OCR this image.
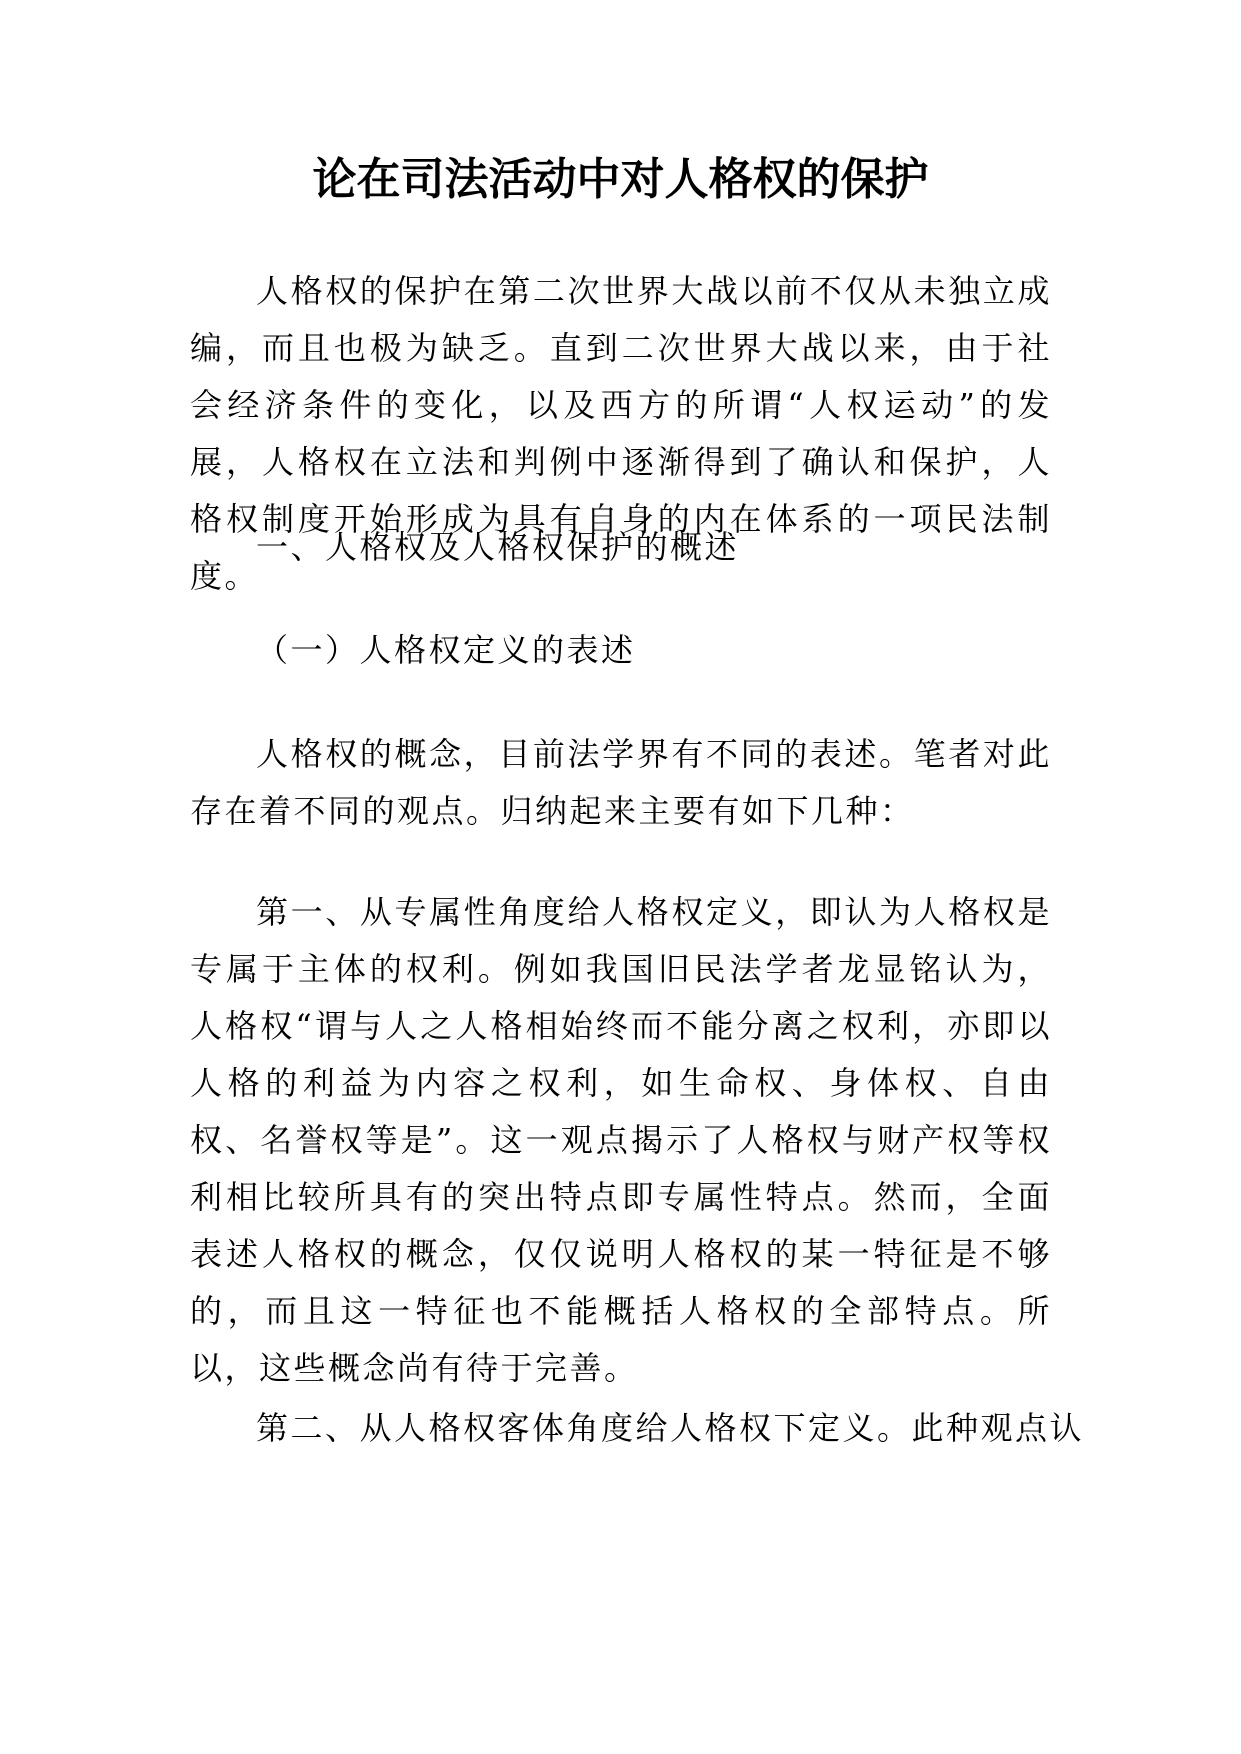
论在司法活动中对人格权的保护

人格权的保护在第二次世界大战以前不仅从未独立成编，而且也极为缺乏。直到二次世界大战以来，由于社会经济条件的变化，以及西方的所谓“人权运动”的发展，人格权在立法和判例中逐渐得到了确认和保护，人格权制度开始形成为具有自身的内在体系的一项民法制度。

一、人格权及人格权保护的概述

（一）人格权定义的表述

人格权的概念，目前法学界有不同的表述。笔者对此存在着不同的观点。归纳起来主要有如下几种：

第一、从专属性角度给人格权定义，即认为人格权是专属于主体的权利。例如我国旧民法学者龙显铭认为，人格权“谓与人之人格相始终而不能分离之权利，亦即以人格的利益为内容之权利，如生命权、身体权、自由权、名誉权等是”。这一观点揭示了人格权与财产权等权利相比较所具有的突出特点即专属性特点。然而，全面表述人格权的概念，仅仅说明人格权的某一特征是不够的，而且这一特征也不能概括人格权的全部特点。所以，这些概念尚有待于完善。

第二、从人格权客体角度给人格权下定义。此种观点认
